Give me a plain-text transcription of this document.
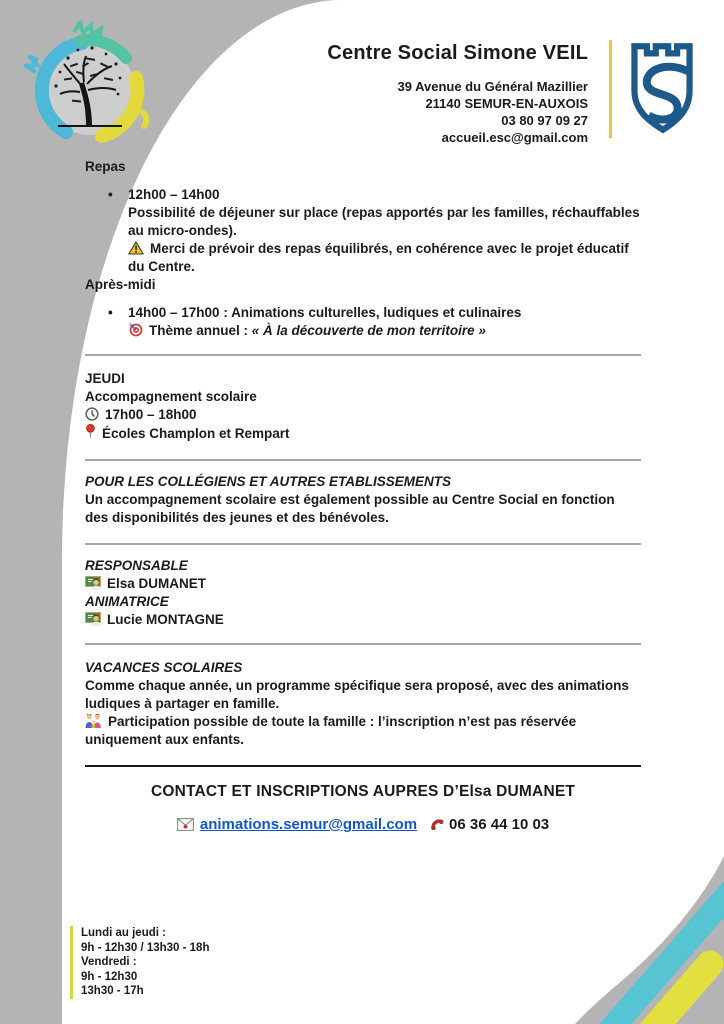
Centre Social Simone VEIL
39 Avenue du Général Mazillier
21140 SEMUR-EN-AUXOIS
03 80 97 09 27
accueil.esc@gmail.com
Repas
•	12h00 – 14h00

Possibilité de déjeuner sur place (repas apportés par les familles, réchauffables au micro-ondes).

Merci de prévoir des repas équilibrés, en cohérence avec le projet éducatif du Centre.

Après-midi
•	14h00 – 17h00 : Animations culturelles, ludiques et culinaires

Thème annuel : « À la découverte de mon territoire »

JEUDI

Accompagnement scolaire

17h00 – 18h00

Écoles Champlon et Rempart

POUR LES COLLÉGIENS ET AUTRES ETABLISSEMENTS

Un accompagnement scolaire est également possible au Centre Social en fonction des disponibilités des jeunes et des bénévoles.

RESPONSABLE

Elsa DUMANET

ANIMATRICE

Lucie MONTAGNE

VACANCES SCOLAIRES

Comme chaque année, un programme spécifique sera proposé, avec des animations ludiques à partager en famille.

Participation possible de toute la famille : l’inscription n’est pas réservée uniquement aux enfants.

CONTACT ET INSCRIPTIONS AUPRES D’Elsa DUMANET

animations.semur@gmail.com 06 36 44 10 03

Lundi au jeudi :
9h - 12h30 / 13h30 - 18h
Vendredi :
9h - 12h30
13h30 - 17h
